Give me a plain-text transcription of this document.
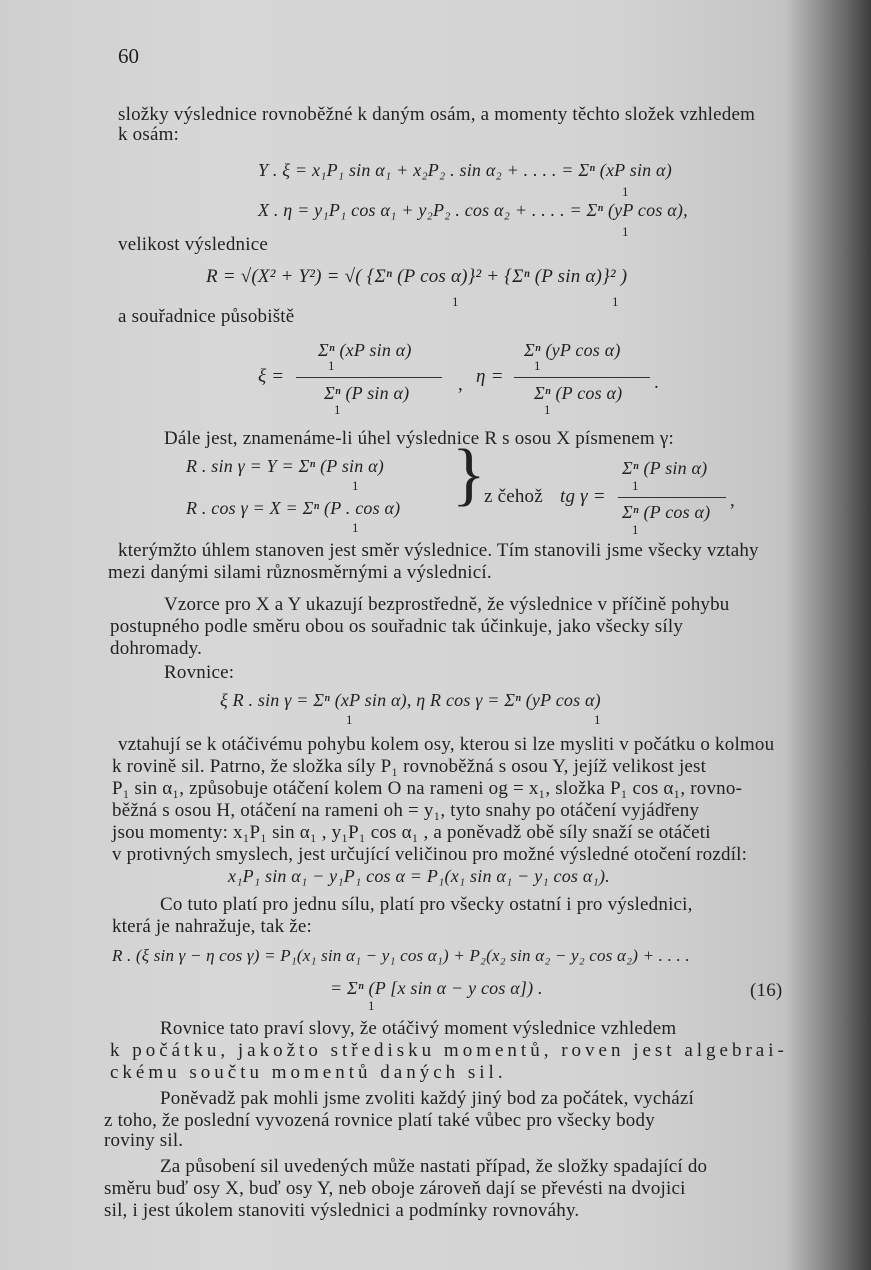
60
složky výslednice rovnoběžné k daným osám, a momenty těchto složek vzhledem
k osám:
Y . ξ = x₁P₁ sin α₁ + x₂P₂ . sin α₂ + . . . . = Σⁿ (xP sin α)
1
X . η = y₁P₁ cos α₁ + y₂P₂ . cos α₂ + . . . . = Σⁿ (yP cos α),
1
velikost výslednice
R = √(X² + Y²) = √( {Σⁿ (P cos α)}² + {Σⁿ (P sin α)}² )
1	1
a souřadnice působiště
Σⁿ (xP sin α)
1
ξ =
Σⁿ (P sin α)
1
,
Σⁿ (yP cos α)
1
η =
Σⁿ (P cos α)
1
.
Dále jest, znamenáme-li úhel výslednice R s osou X písmenem γ:
R . sin γ = Y = Σⁿ (P sin α)
1
R . cos γ = X = Σⁿ (P . cos α)
1
}
z čehož tg γ =
Σⁿ (P sin α)
1
Σⁿ (P cos α)
1
,
kterýmžto úhlem stanoven jest směr výslednice. Tím stanovili jsme všecky vztahy
mezi danými silami různosměrnými a výslednicí.
Vzorce pro X a Y ukazují bezprostředně, že výslednice v příčině pohybu
postupného podle směru obou os souřadnic tak účinkuje, jako všecky síly
dohromady.
Rovnice:
ξ R . sin γ = Σⁿ (xP sin α), η R cos γ = Σⁿ (yP cos α)
1	1
vztahují se k otáčivému pohybu kolem osy, kterou si lze mysliti v počátku o kolmou
k rovině sil. Patrno, že složka síly P₁ rovnoběžná s osou Y, jejíž velikost jest
P₁ sin α₁, způsobuje otáčení kolem O na rameni og = x₁, složka P₁ cos α₁, rovno-
běžná s osou H, otáčení na rameni oh = y₁, tyto snahy po otáčení vyjádřeny
jsou momenty: x₁P₁ sin α₁ , y₁P₁ cos α₁ , a poněvadž obě síly snaží se otáčeti
v protivných smyslech, jest určující veličinou pro možné výsledné otočení rozdíl:
x₁P₁ sin α₁ − y₁P₁ cos α = P₁(x₁ sin α₁ − y₁ cos α₁).
Co tuto platí pro jednu sílu, platí pro všecky ostatní i pro výslednici,
která je nahražuje, tak že:
R . (ξ sin γ − η cos γ) = P₁(x₁ sin α₁ − y₁ cos α₁) + P₂(x₂ sin α₂ − y₂ cos α₂) + . . . .
= Σⁿ (P [x sin α − y cos α]) .
1
(16)
Rovnice tato praví slovy, že otáčivý moment výslednice vzhledem
k počátku, jakožto středisku momentů, roven jest algebrai-
ckému součtu momentů daných sil.
Poněvadž pak mohli jsme zvoliti každý jiný bod za počátek, vychází
z toho, že poslední vyvozená rovnice platí také vůbec pro všecky body
roviny sil.
Za působení sil uvedených může nastati případ, že složky spadající do
směru buď osy X, buď osy Y, neb oboje zároveň dají se převésti na dvojici
sil, i jest úkolem stanoviti výslednici a podmínky rovnováhy.
